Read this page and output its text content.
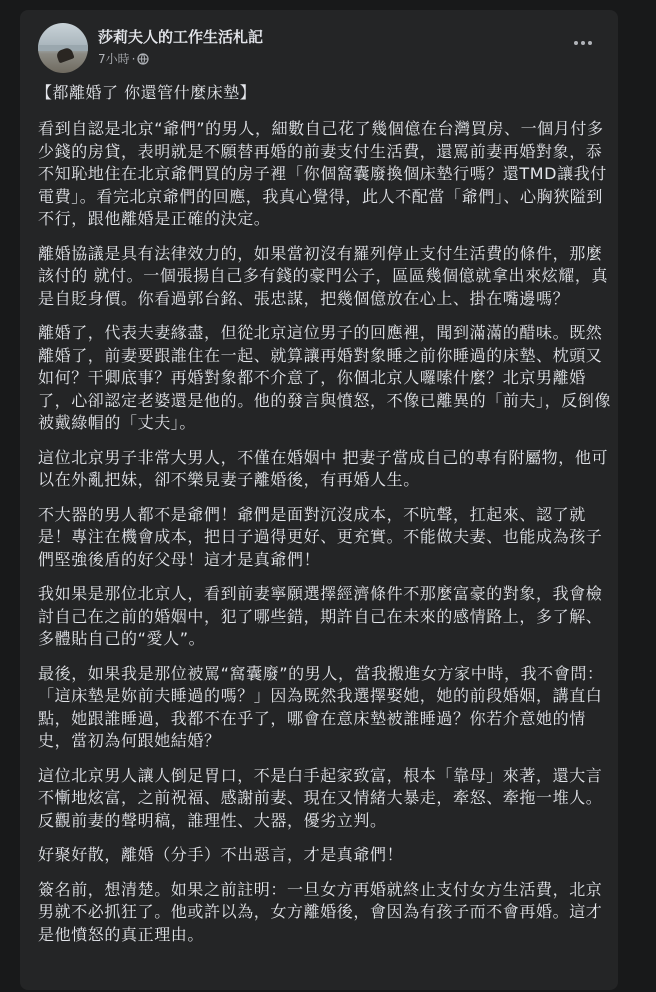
莎莉夫人的工作生活札記
7小時 ·
【都離婚了 你還管什麼床墊】

看到自認是北京“爺們”的男人，細數自己花了幾個億在台灣買房、一個月付多少錢的房貸，表明就是不願替再婚的前妻支付生活費，還罵前妻再婚對象，忝不知恥地住在北京爺們買的房子裡「你個窩囊廢換個床墊行嗎？還TMD讓我付電費」。看完北京爺們的回應，我真心覺得，此人不配當「爺們」、心胸狹隘到不行，跟他離婚是正確的決定。

離婚協議是具有法律效力的，如果當初沒有羅列停止支付生活費的條件，那麼 該付的 就付。一個張揚自己多有錢的豪門公子，區區幾個億就拿出來炫耀，真是自貶身價。你看過郭台銘、張忠謀，把幾個億放在心上、掛在嘴邊嗎？

離婚了，代表夫妻緣盡，但從北京這位男子的回應裡，聞到滿滿的醋味。既然離婚了，前妻要跟誰住在一起、就算讓再婚對象睡之前你睡過的床墊、枕頭又如何？干卿底事？再婚對象都不介意了，你個北京人囉嗦什麼？北京男離婚了，心卻認定老婆還是他的。他的發言與憤怒，不像已離異的「前夫」，反倒像被戴綠帽的「丈夫」。

這位北京男子非常大男人，不僅在婚姻中 把妻子當成自己的專有附屬物，他可以在外亂把妹，卻不樂見妻子離婚後，有再婚人生。

不大器的男人都不是爺們！爺們是面對沉沒成本，不吭聲，扛起來、認了就是！專注在機會成本，把日子過得更好、更充實。不能做夫妻、也能成為孩子們堅強後盾的好父母！這才是真爺們！

我如果是那位北京人，看到前妻寧願選擇經濟條件不那麼富豪的對象，我會檢討自己在之前的婚姻中，犯了哪些錯，期許自己在未來的感情路上，多了解、多體貼自己的“愛人”。

最後，如果我是那位被罵“窩囊廢”的男人，當我搬進女方家中時，我不會問：「這床墊是妳前夫睡過的嗎？」因為既然我選擇娶她，她的前段婚姻，講直白點，她跟誰睡過，我都不在乎了，哪會在意床墊被誰睡過？你若介意她的情史，當初為何跟她結婚？

這位北京男人讓人倒足胃口，不是白手起家致富，根本「靠母」來著，還大言不慚地炫富，之前祝福、感謝前妻、現在又情緒大暴走，牽怒、牽拖一堆人。反觀前妻的聲明稿，誰理性、大器，優劣立判。

好聚好散，離婚（分手）不出惡言，才是真爺們！

簽名前，想清楚。如果之前註明：一旦女方再婚就終止支付女方生活費，北京男就不必抓狂了。他或許以為，女方離婚後，會因為有孩子而不會再婚。這才是他憤怒的真正理由。
